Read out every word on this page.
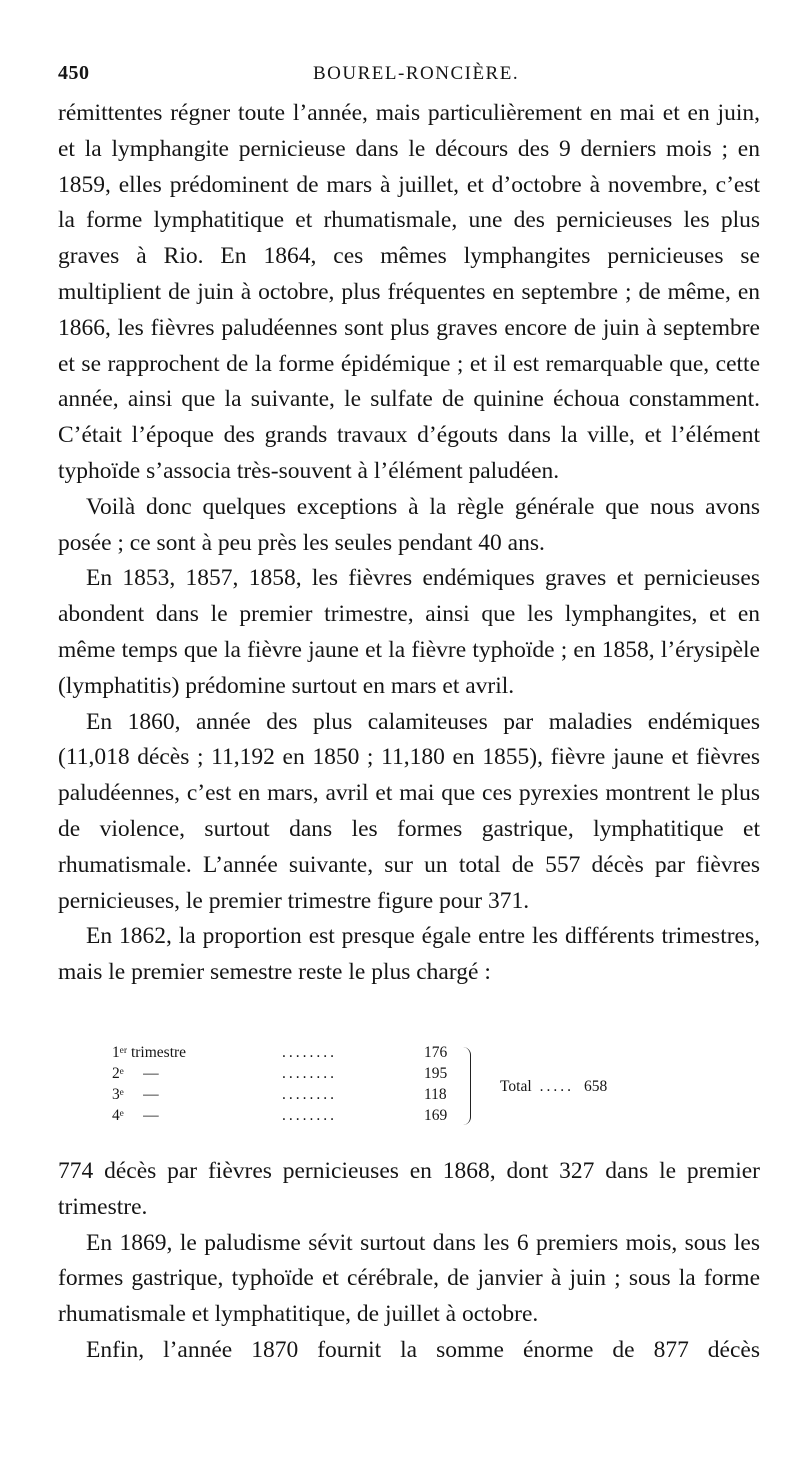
450	BOUREL-RONCIÈRE.

rémittentes régner toute l’année, mais particulièrement en mai et en juin, et la lymphangite pernicieuse dans le décours des 9 derniers mois ; en 1859, elles prédominent de mars à juillet, et d’octobre à novembre, c’est la forme lymphatitique et rhumatismale, une des pernicieuses les plus graves à Rio. En 1864, ces mêmes lymphangites pernicieuses se multiplient de juin à octobre, plus fréquentes en septembre ; de même, en 1866, les fièvres paludéennes sont plus graves encore de juin à septembre et se rapprochent de la forme épidémique ; et il est remarquable que, cette année, ainsi que la suivante, le sulfate de quinine échoua constamment. C’était l’époque des grands travaux d’égouts dans la ville, et l’élément typhoïde s’associa très-souvent à l’élément paludéen.

Voilà donc quelques exceptions à la règle générale que nous avons posée ; ce sont à peu près les seules pendant 40 ans.

En 1853, 1857, 1858, les fièvres endémiques graves et pernicieuses abondent dans le premier trimestre, ainsi que les lymphangites, et en même temps que la fièvre jaune et la fièvre typhoïde ; en 1858, l’érysipèle (lymphatitis) prédomine surtout en mars et avril.

En 1860, année des plus calamiteuses par maladies endémiques (11,018 décès ; 11,192 en 1850 ; 11,180 en 1855), fièvre jaune et fièvres paludéennes, c’est en mars, avril et mai que ces pyrexies montrent le plus de violence, surtout dans les formes gastrique, lymphatitique et rhumatismale. L’année suivante, sur un total de 557 décès par fièvres pernicieuses, le premier trimestre figure pour 371.

En 1862, la proportion est presque égale entre les différents trimestres, mais le premier semestre reste le plus chargé :

1ᵉʳ trimestre	........	176
2ᵉ     —	........	195
3ᵉ     —	........	118
4ᵉ     —	........	169
Total ..... 658

774 décès par fièvres pernicieuses en 1868, dont 327 dans le premier trimestre.

En 1869, le paludisme sévit surtout dans les 6 premiers mois, sous les formes gastrique, typhoïde et cérébrale, de janvier à juin ; sous la forme rhumatismale et lymphatitique, de juillet à octobre.

Enfin, l’année 1870 fournit la somme énorme de 877 décès
